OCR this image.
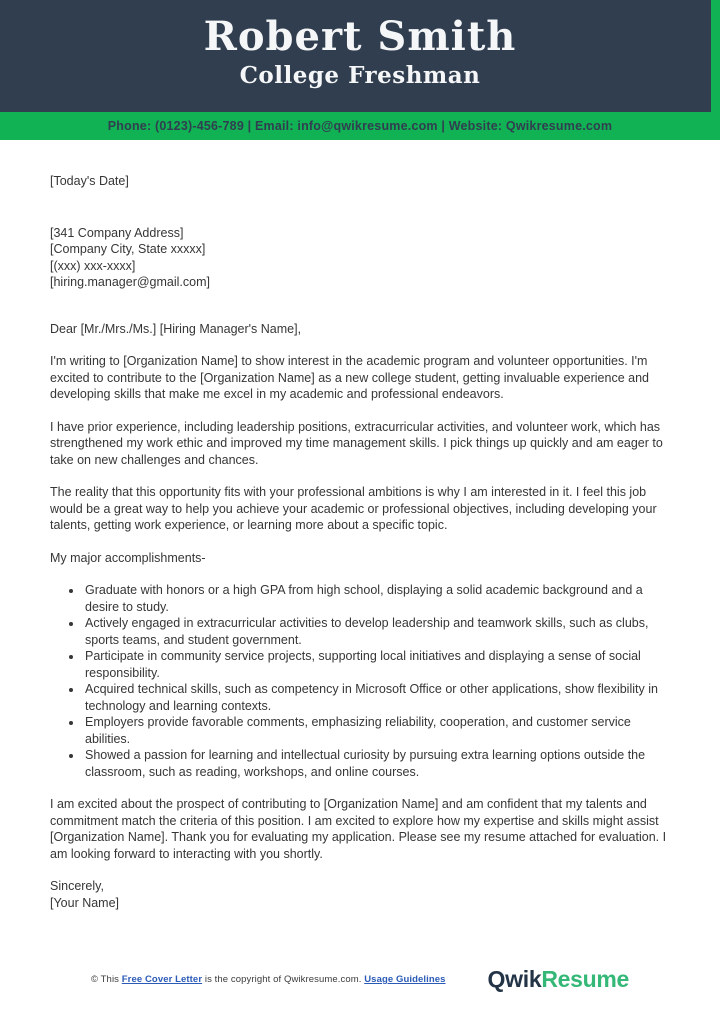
Robert Smith
College Freshman
Phone: (0123)-456-789 | Email: info@qwikresume.com | Website: Qwikresume.com
[Today's Date]
[341 Company Address]
[Company City, State xxxxx]
[(xxx) xxx-xxxx]
[hiring.manager@gmail.com]
Dear [Mr./Mrs./Ms.] [Hiring Manager's Name],

I'm writing to [Organization Name] to show interest in the academic program and volunteer opportunities. I'm excited to contribute to the [Organization Name] as a new college student, getting invaluable experience and developing skills that make me excel in my academic and professional endeavors.

I have prior experience, including leadership positions, extracurricular activities, and volunteer work, which has strengthened my work ethic and improved my time management skills. I pick things up quickly and am eager to take on new challenges and chances.

The reality that this opportunity fits with your professional ambitions is why I am interested in it. I feel this job would be a great way to help you achieve your academic or professional objectives, including developing your talents, getting work experience, or learning more about a specific topic.

My major accomplishments-

• Graduate with honors or a high GPA from high school, displaying a solid academic background and a desire to study.
• Actively engaged in extracurricular activities to develop leadership and teamwork skills, such as clubs, sports teams, and student government.
• Participate in community service projects, supporting local initiatives and displaying a sense of social responsibility.
• Acquired technical skills, such as competency in Microsoft Office or other applications, show flexibility in technology and learning contexts.
• Employers provide favorable comments, emphasizing reliability, cooperation, and customer service abilities.
• Showed a passion for learning and intellectual curiosity by pursuing extra learning options outside the classroom, such as reading, workshops, and online courses.

I am excited about the prospect of contributing to [Organization Name] and am confident that my talents and commitment match the criteria of this position. I am excited to explore how my expertise and skills might assist [Organization Name]. Thank you for evaluating my application. Please see my resume attached for evaluation. I am looking forward to interacting with you shortly.

Sincerely,
[Your Name]
© This Free Cover Letter is the copyright of Qwikresume.com. Usage Guidelines QwikResume
